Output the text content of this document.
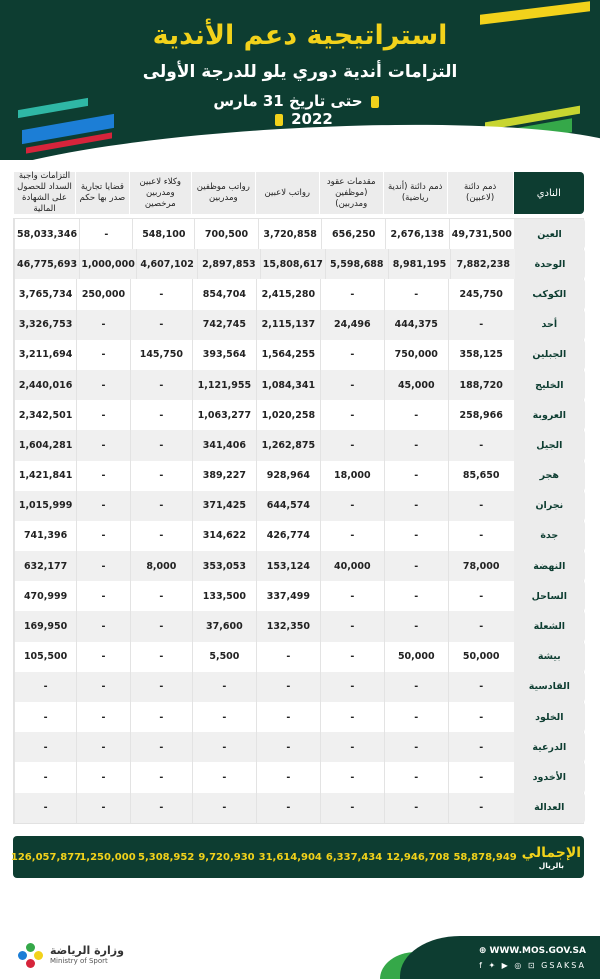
استراتيجية دعم الأندية
التزامات أندية دوري يلو للدرجة الأولى
حتى تاريخ 31 مارس 2022
النادي
ذمم دائنة (لاعبين)
ذمم دائنة (أندية رياضية)
مقدمات عقود (موظفين ومدربين)
رواتب لاعبين
رواتب موظفين ومدربين
وكلاء لاعبين ومدربين مرخصين
قضايا تجارية صدر بها حكم
التزامات واجبة السداد للحصول على الشهادة المالية
العين
49,731,500
2,676,138
656,250
3,720,858
700,500
548,100
-
58,033,346
الوحدة
7,882,238
8,981,195
5,598,688
15,808,617
2,897,853
4,607,102
1,000,000
46,775,693
الكوكب
245,750
-
-
2,415,280
854,704
-
250,000
3,765,734
أحد
-
444,375
24,496
2,115,137
742,745
-
-
3,326,753
الجبلين
358,125
750,000
-
1,564,255
393,564
145,750
-
3,211,694
الخليج
188,720
45,000
-
1,084,341
1,121,955
-
-
2,440,016
العروبة
258,966
-
-
1,020,258
1,063,277
-
-
2,342,501
الجيل
-
-
-
1,262,875
341,406
-
-
1,604,281
هجر
85,650
-
18,000
928,964
389,227
-
-
1,421,841
نجران
-
-
-
644,574
371,425
-
-
1,015,999
جدة
-
-
-
426,774
314,622
-
-
741,396
النهضة
78,000
-
40,000
153,124
353,053
8,000
-
632,177
الساحل
-
-
-
337,499
133,500
-
-
470,999
الشعلة
-
-
-
132,350
37,600
-
-
169,950
بيشة
50,000
50,000
-
-
5,500
-
-
105,500
القادسية
-
-
-
-
-
-
-
-
الخلود
-
-
-
-
-
-
-
-
الدرعية
-
-
-
-
-
-
-
-
الأخدود
-
-
-
-
-
-
-
-
العدالة
-
-
-
-
-
-
-
-
الإجمالي
بالريال
58,878,949
12,946,708
6,337,434
31,614,904
9,720,930
5,308,952
1,250,000
126,057,877
وزارة الرياضة
Ministry of Sport
⊕ WWW.MOS.GOV.SA
f ✦ ▶ ◎ ⊡ GSAKSA
